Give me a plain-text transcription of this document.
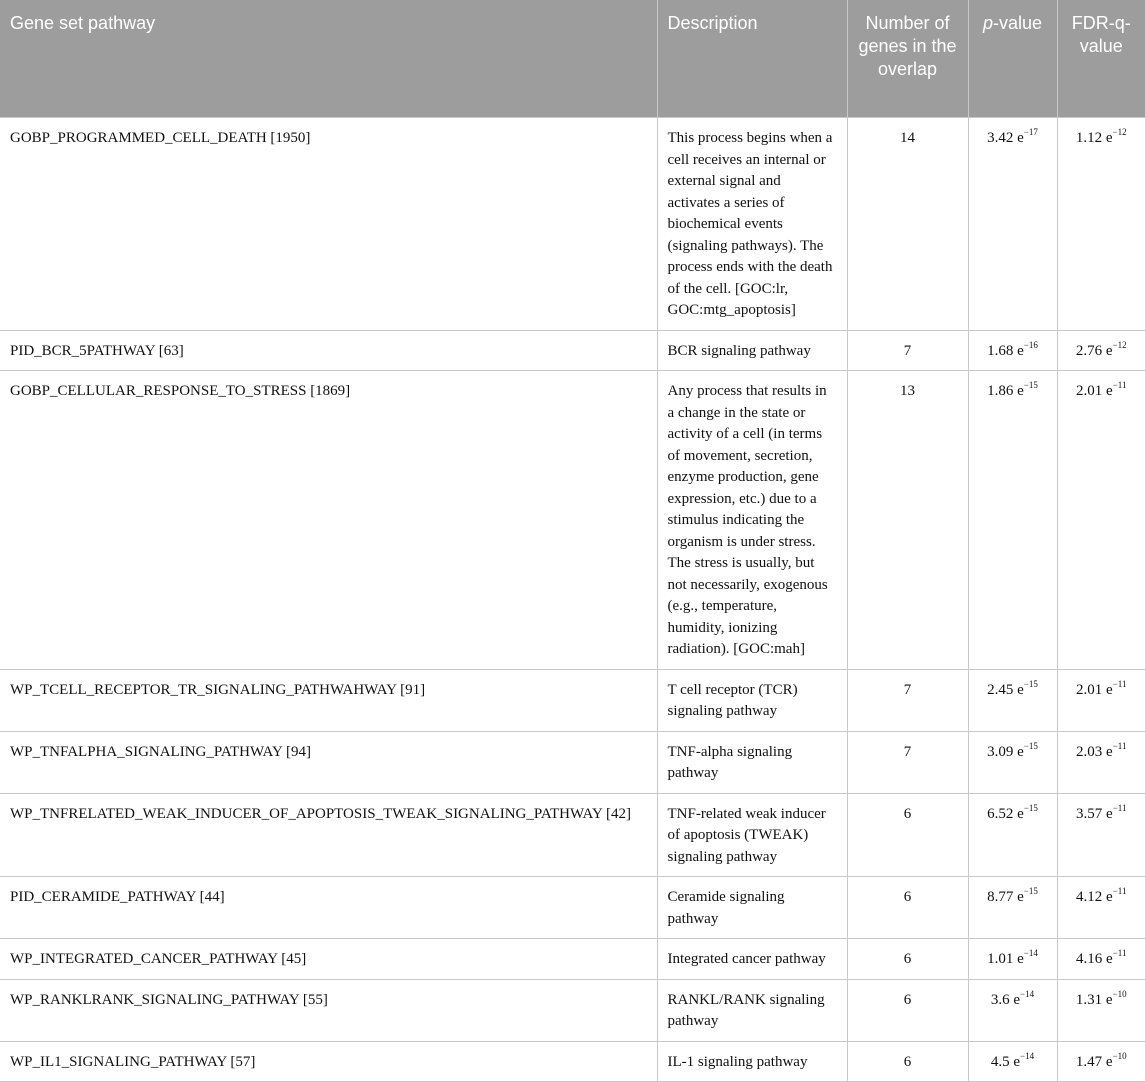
Gene set pathway	Description	Number of genes in the overlap	p-value	FDR-q-value
GOBP_PROGRAMMED_CELL_DEATH [1950]	This process begins when a cell receives an internal or external signal and activates a series of biochemical events (signaling pathways). The process ends with the death of the cell. [GOC:lr, GOC:mtg_apoptosis]	14	3.42 $e^{-17}$	1.12 $e^{-12}$
PID_BCR_5PATHWAY [63]	BCR signaling pathway	7	1.68 $e^{-16}$	2.76 $e^{-12}$
GOBP_CELLULAR_RESPONSE_TO_STRESS [1869]	Any process that results in a change in the state or activity of a cell (in terms of movement, secretion, enzyme production, gene expression, etc.) due to a stimulus indicating the organism is under stress. The stress is usually, but not necessarily, exogenous (e.g., temperature, humidity, ionizing radiation). [GOC:mah]	13	1.86 $e^{-15}$	2.01 $e^{-11}$
WP_TCELL_RECEPTOR_TR_SIGNALING_PATHWAHWAY [91]	T cell receptor (TCR) signaling pathway	7	2.45 $e^{-15}$	2.01 $e^{-11}$
WP_TNFALPHA_SIGNALING_PATHWAY [94]	TNF-alpha signaling pathway	7	3.09 $e^{-15}$	2.03 $e^{-11}$
WP_TNFRELATED_WEAK_INDUCER_OF_APOPTOSIS_TWEAK_SIGNALING_PATHWAY [42]	TNF-related weak inducer of apoptosis (TWEAK) signaling pathway	6	6.52 $e^{-15}$	3.57 $e^{-11}$
PID_CERAMIDE_PATHWAY [44]	Ceramide signaling pathway	6	8.77 $e^{-15}$	4.12 $e^{-11}$
WP_INTEGRATED_CANCER_PATHWAY [45]	Integrated cancer pathway	6	1.01 $e^{-14}$	4.16 $e^{-11}$
WP_RANKLRANK_SIGNALING_PATHWAY [55]	RANKL/RANK signaling pathway	6	3.6 $e^{-14}$	1.31 $e^{-10}$
WP_IL1_SIGNALING_PATHWAY [57]	IL-1 signaling pathway	6	4.5 $e^{-14}$	1.47 $e^{-10}$
